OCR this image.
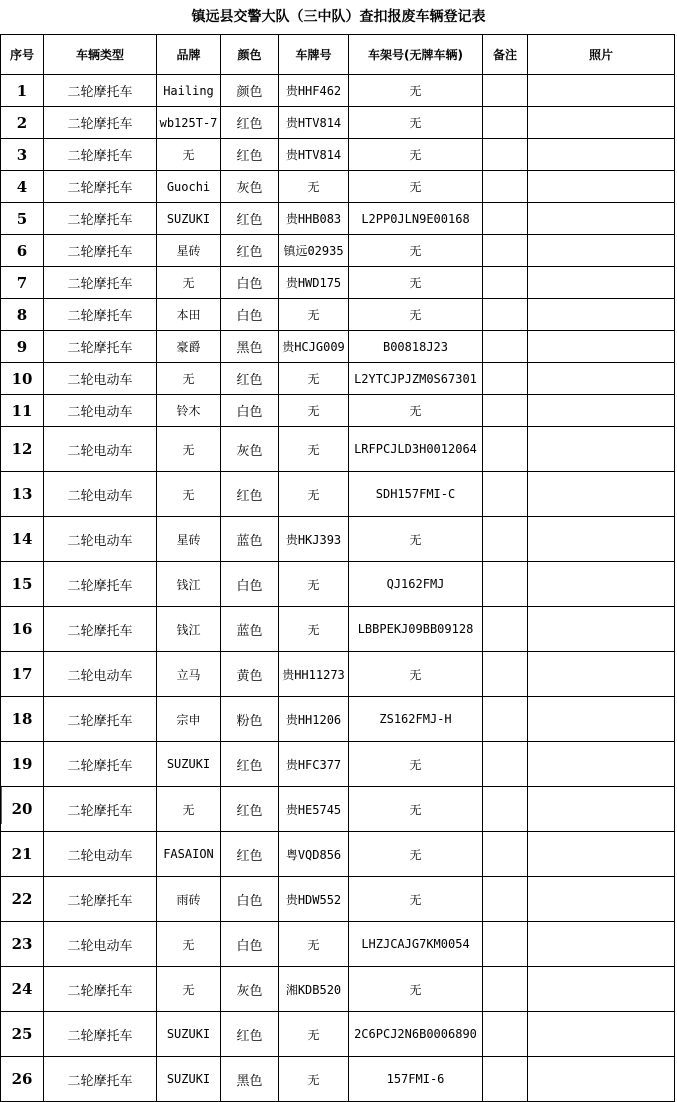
镇远县交警大队（三中队）查扣报废车辆登记表
序号	车辆类型	品牌	颜色	车牌号	车架号(无牌车辆)	备注	照片
1	二轮摩托车	Hailing	颜色	贵HHF462	无		
2	二轮摩托车	wb125T-7	红色	贵HTV814	无		
3	二轮摩托车	无	红色	贵HTV814	无		
4	二轮摩托车	Guochi	灰色	无	无		
5	二轮摩托车	SUZUKI	红色	贵HHB083	L2PP0JLN9E00168		
6	二轮摩托车	星砖	红色	镇远02935	无		
7	二轮摩托车	无	白色	贵HWD175	无		
8	二轮摩托车	本田	白色	无	无		
9	二轮摩托车	豪爵	黑色	贵HCJG009	B00818J23		
10	二轮电动车	无	红色	无	L2YTCJPJZM0S67301		
11	二轮电动车	铃木	白色	无	无		
12	二轮电动车	无	灰色	无	LRFPCJLD3H0012064		
13	二轮电动车	无	红色	无	SDH157FMI-C		
14	二轮电动车	星砖	蓝色	贵HKJ393	无		
15	二轮摩托车	钱江	白色	无	QJ162FMJ		
16	二轮摩托车	钱江	蓝色	无	LBBPEKJ09BB09128		
17	二轮电动车	立马	黄色	贵HH11273	无		
18	二轮摩托车	宗申	粉色	贵HH1206	ZS162FMJ-H		
19	二轮摩托车	SUZUKI	红色	贵HFC377	无		
20	二轮摩托车	无	红色	贵HE5745	无		
21	二轮电动车	FASAION	红色	粤VQD856	无		
22	二轮摩托车	雨砖	白色	贵HDW552	无		
23	二轮电动车	无	白色	无	LHZJCAJG7KM0054		
24	二轮摩托车	无	灰色	湘KDB520	无		
25	二轮摩托车	SUZUKI	红色	无	2C6PCJ2N6B0006890		
26	二轮摩托车	SUZUKI	黑色	无	157FMI-6		
